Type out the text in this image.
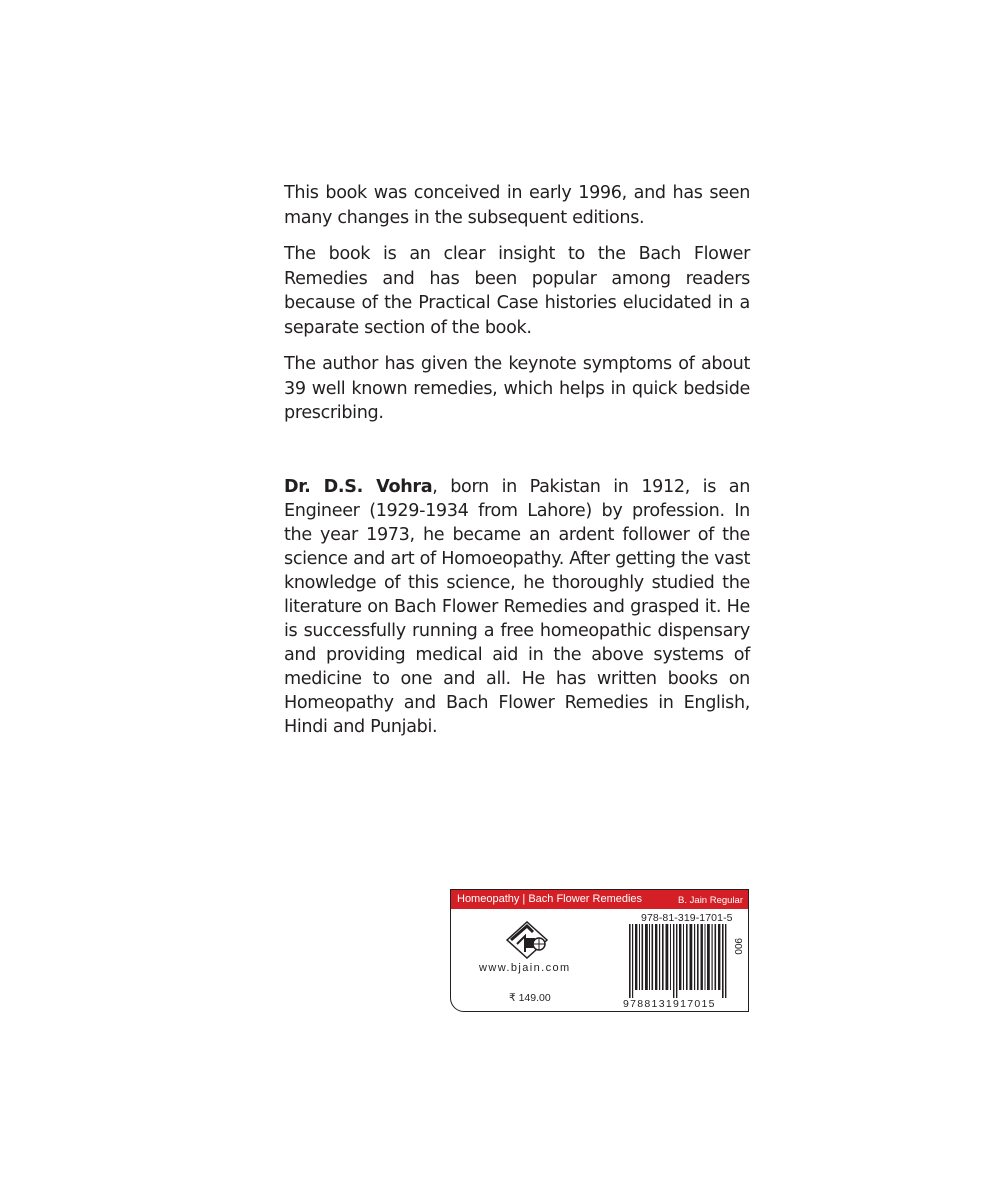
This book was conceived in early 1996, and has seen many changes in the subsequent editions.

The book is an clear insight to the Bach Flower Remedies and has been popular among readers because of the Practical Case histories elucidated in a separate section of the book.

The author has given the keynote symptoms of about 39 well known remedies, which helps in quick bedside prescribing.

Dr. D.S. Vohra, born in Pakistan in 1912, is an Engineer (1929-1934 from Lahore) by profession. In the year 1973, he became an ardent follower of the science and art of Homoeopathy. After getting the vast knowledge of this science, he thoroughly studied the literature on Bach Flower Remedies and grasped it. He is successfully running a free homeopathic dispensary and providing medical aid in the above systems of medicine to one and all. He has written books on Homeopathy and Bach Flower Remedies in English, Hindi and Punjabi.
Homeopathy | Bach Flower Remedies	B. Jain Regular
www.bjain.com
₹ 149.00
978-81-319-1701-5
9788131917015
900
